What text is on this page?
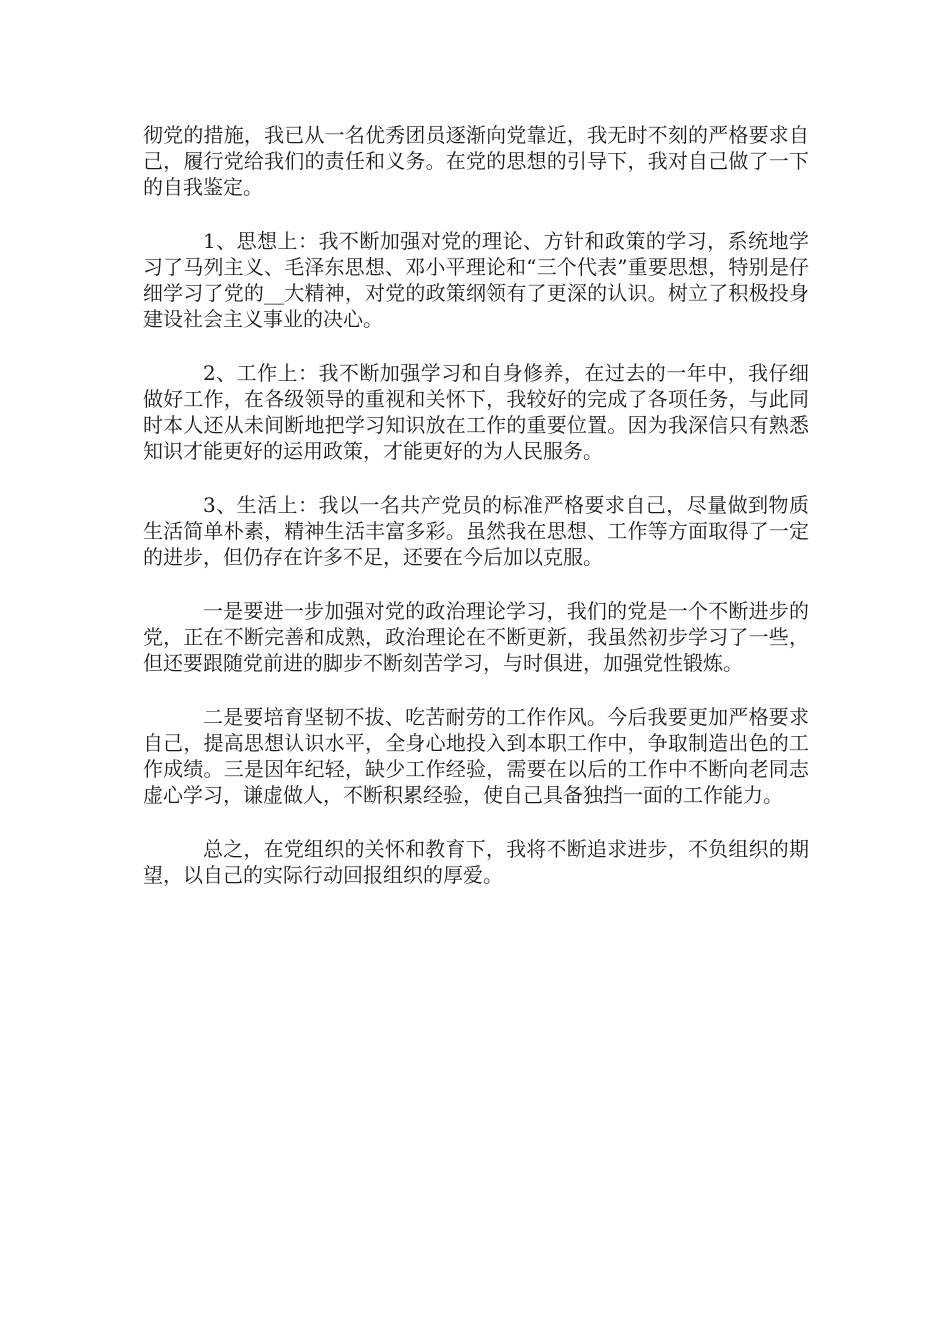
彻党的措施，我已从一名优秀团员逐渐向党靠近，我无时不刻的严格要求自己，履行党给我们的责任和义务。在党的思想的引导下，我对自己做了一下的自我鉴定。

1、思想上：我不断加强对党的理论、方针和政策的学习，系统地学习了马列主义、毛泽东思想、邓小平理论和“三个代表”重要思想，特别是仔细学习了党的__大精神，对党的政策纲领有了更深的认识。树立了积极投身建设社会主义事业的决心。

2、工作上：我不断加强学习和自身修养，在过去的一年中，我仔细做好工作，在各级领导的重视和关怀下，我较好的完成了各项任务，与此同时本人还从未间断地把学习知识放在工作的重要位置。因为我深信只有熟悉知识才能更好的运用政策，才能更好的为人民服务。

3、生活上：我以一名共产党员的标准严格要求自己，尽量做到物质生活简单朴素，精神生活丰富多彩。虽然我在思想、工作等方面取得了一定的进步，但仍存在许多不足，还要在今后加以克服。

一是要进一步加强对党的政治理论学习，我们的党是一个不断进步的党，正在不断完善和成熟，政治理论在不断更新，我虽然初步学习了一些，但还要跟随党前进的脚步不断刻苦学习，与时俱进，加强党性锻炼。

二是要培育坚韧不拔、吃苦耐劳的工作作风。今后我要更加严格要求自己，提高思想认识水平，全身心地投入到本职工作中，争取制造出色的工作成绩。三是因年纪轻，缺少工作经验，需要在以后的工作中不断向老同志虚心学习，谦虚做人，不断积累经验，使自己具备独挡一面的工作能力。

总之，在党组织的关怀和教育下，我将不断追求进步，不负组织的期望，以自己的实际行动回报组织的厚爱。
